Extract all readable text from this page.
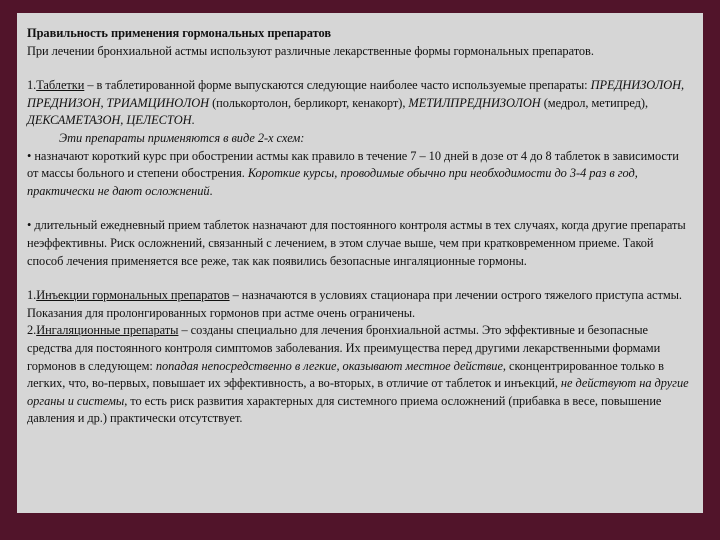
Правильность применения гормональных препаратов

При лечении бронхиальной астмы используют различные лекарственные формы гормональных препаратов.

1.Таблетки – в таблетированной форме выпускаются следующие наиболее часто используемые препараты: ПРЕДНИЗОЛОН, ПРЕДНИЗОН, ТРИАМЦИНОЛОН (полькортолон, берликорт, кенакорт), МЕТИЛПРЕДНИЗОЛОН (медрол, метипред), ДЕКСАМЕТАЗОН, ЦЕЛЕСТОН.

Эти препараты применяются в виде 2-х схем:

• назначают короткий курс при обострении астмы как правило в течение 7 – 10 дней в дозе от 4 до 8 таблеток в зависимости от массы больного и степени обострения. Короткие курсы, проводимые обычно при необходимости до 3-4 раз в год, практически не дают осложнений.

• длительный ежедневный прием таблеток назначают для постоянного контроля астмы в тех случаях, когда другие препараты неэффективны. Риск осложнений, связанный с лечением, в этом случае выше, чем при кратковременном приеме. Такой способ лечения применяется все реже, так как появились безопасные ингаляционные гормоны.

1.Инъекции гормональных препаратов – назначаются в условиях стационара при лечении острого тяжелого приступа астмы. Показания для пролонгированных гормонов при астме очень ограничены.

2.Ингаляционные препараты – созданы специально для лечения бронхиальной астмы. Это эффективные и безопасные средства для постоянного контроля симптомов заболевания. Их преимущества перед другими лекарственными формами гормонов в следующем: попадая непосредственно в легкие, оказывают местное действие, сконцентрированное только в легких, что, во-первых, повышает их эффективность, а во-вторых, в отличие от таблеток и инъекций, не действуют на другие органы и системы, то есть риск развития характерных для системного приема осложнений (прибавка в весе, повышение давления и др.) практически отсутствует.
